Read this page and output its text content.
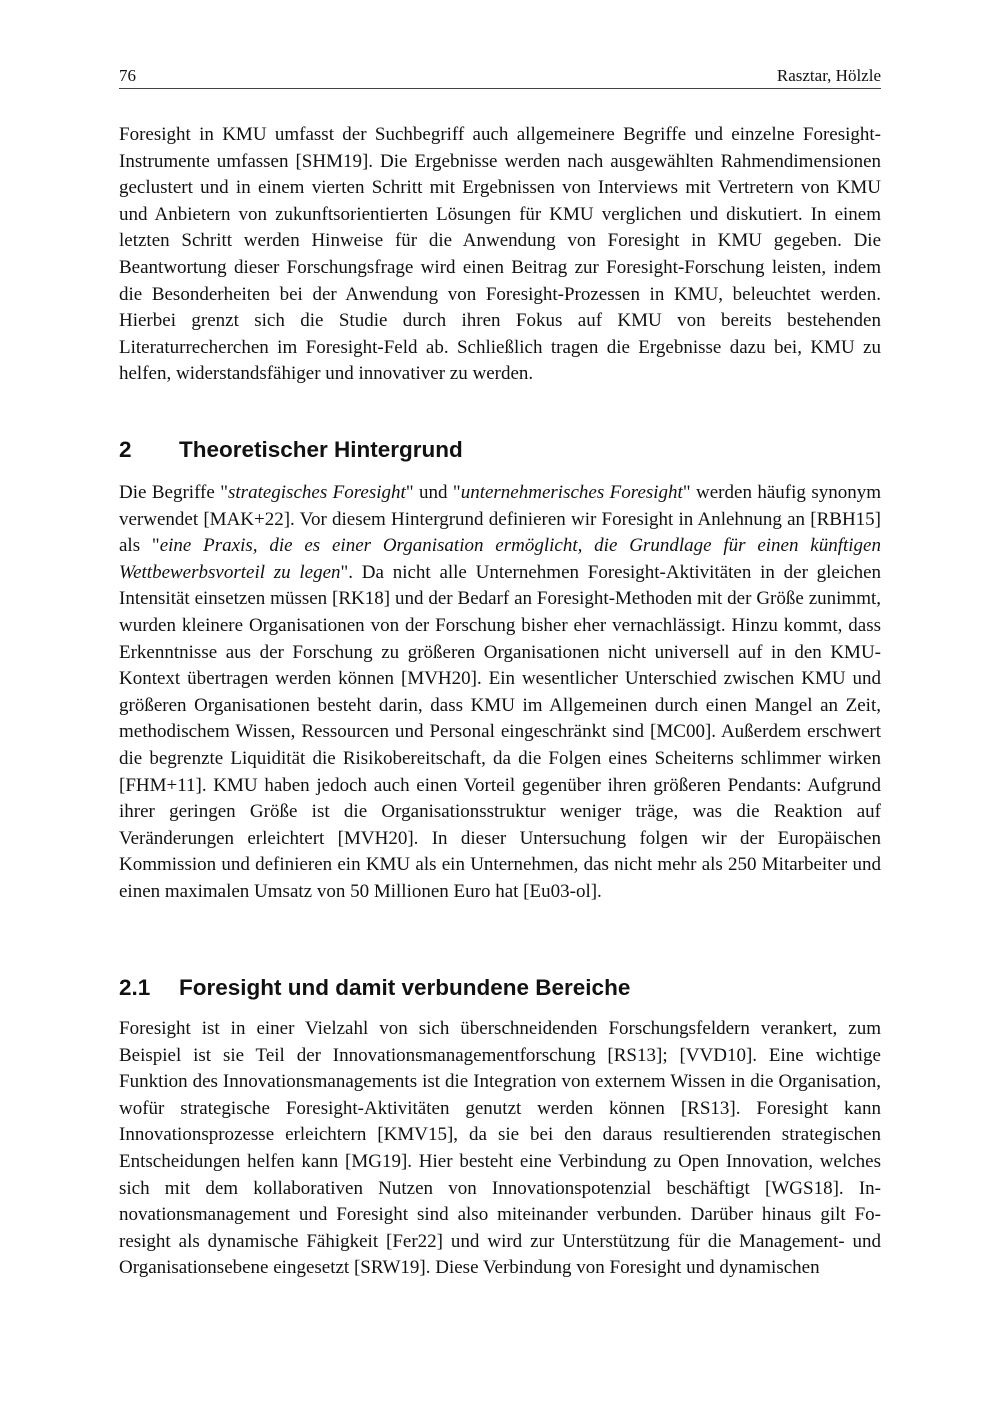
76	Rasztar, Hölzle

Foresight in KMU umfasst der Suchbegriff auch allgemeinere Begriffe und einzelne Foresight-Instrumente umfassen [SHM19]. Die Ergebnisse werden nach ausgewählten Rahmendimensionen geclustert und in einem vierten Schritt mit Ergebnissen von Interviews mit Vertretern von KMU und Anbietern von zukunftsorientierten Lösungen für KMU verglichen und diskutiert. In einem letzten Schritt werden Hinweise für die Anwendung von Foresight in KMU gegeben. Die Beantwortung dieser Forschungsfrage wird einen Beitrag zur Foresight-Forschung leisten, indem die Besonderheiten bei der Anwendung von Foresight-Prozessen in KMU, beleuchtet werden. Hierbei grenzt sich die Studie durch ihren Fokus auf KMU von bereits bestehenden Literaturrecherchen im Foresight-Feld ab. Schließlich tragen die Ergebnisse dazu bei, KMU zu helfen, widerstandsfähiger und innovativer zu werden.

2 Theoretischer Hintergrund

Die Begriffe "strategisches Foresight" und "unternehmerisches Foresight" werden häufig synonym verwendet [MAK+22]. Vor diesem Hintergrund definieren wir Foresight in Anlehnung an [RBH15] als "eine Praxis, die es einer Organisation ermöglicht, die Grundlage für einen künftigen Wettbewerbsvorteil zu legen". Da nicht alle Unternehmen Foresight-Aktivitäten in der gleichen Intensität einsetzen müssen [RK18] und der Bedarf an Foresight-Methoden mit der Größe zunimmt, wurden kleinere Organisationen von der Forschung bisher eher vernachlässigt. Hinzu kommt, dass Erkenntnisse aus der Forschung zu größeren Organisationen nicht universell auf in den KMU-Kontext übertragen werden können [MVH20]. Ein wesentlicher Unterschied zwischen KMU und größeren Organisationen besteht darin, dass KMU im Allgemeinen durch einen Mangel an Zeit, methodischem Wissen, Ressourcen und Personal eingeschränkt sind [MC00]. Außerdem erschwert die begrenzte Liquidität die Risikobereitschaft, da die Folgen eines Scheiterns schlimmer wirken [FHM+11]. KMU haben jedoch auch einen Vorteil gegenüber ihren größeren Pendants: Aufgrund ihrer geringen Größe ist die Organisationsstruktur weniger träge, was die Reaktion auf Veränderungen erleichtert [MVH20]. In dieser Untersuchung folgen wir der Europäischen Kommission und definieren ein KMU als ein Unternehmen, das nicht mehr als 250 Mitarbeiter und einen maximalen Umsatz von 50 Millionen Euro hat [Eu03-ol].

2.1 Foresight und damit verbundene Bereiche

Foresight ist in einer Vielzahl von sich überschneidenden Forschungsfeldern verankert, zum Beispiel ist sie Teil der Innovationsmanagementforschung [RS13]; [VVD10]. Eine wichtige Funktion des Innovationsmanagements ist die Integration von externem Wissen in die Organisation, wofür strategische Foresight-Aktivitäten genutzt werden können [RS13]. Foresight kann Innovationsprozesse erleichtern [KMV15], da sie bei den daraus resultierenden strategischen Entscheidungen helfen kann [MG19]. Hier besteht eine Verbindung zu Open Innovation, welches sich mit dem kollaborativen Nutzen von Innovationspotenzial beschäftigt [WGS18]. Innovationsmanagement und Foresight sind also miteinander verbunden. Darüber hinaus gilt Foresight als dynamische Fähigkeit [Fer22] und wird zur Unterstützung für die Management- und Organisationsebene eingesetzt [SRW19]. Diese Verbindung von Foresight und dynamischen
